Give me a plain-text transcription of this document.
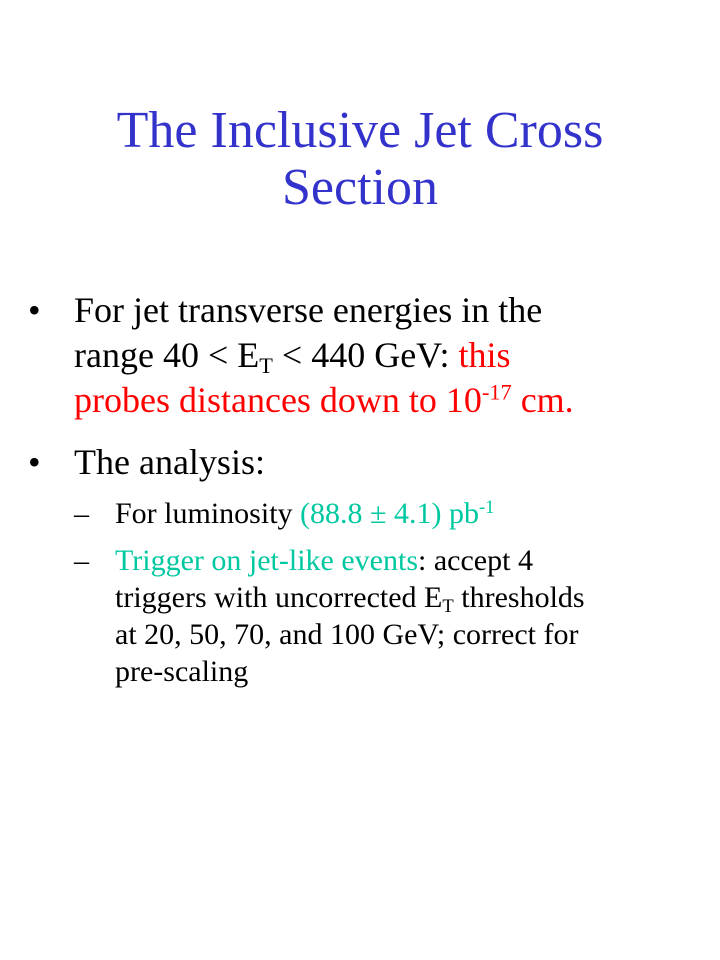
The Inclusive Jet Cross
Section
• For jet transverse energies in the
range $40 < E_T < 440$ GeV: this
probes distances down to $10^{-17}$ cm.
• The analysis:
– For luminosity (88.8 ± 4.1) $pb^{-1}$
– Trigger on jet-like events: accept 4
triggers with uncorrected $E_T$ thresholds
at 20, 50, 70, and 100 GeV; correct for
pre-scaling
